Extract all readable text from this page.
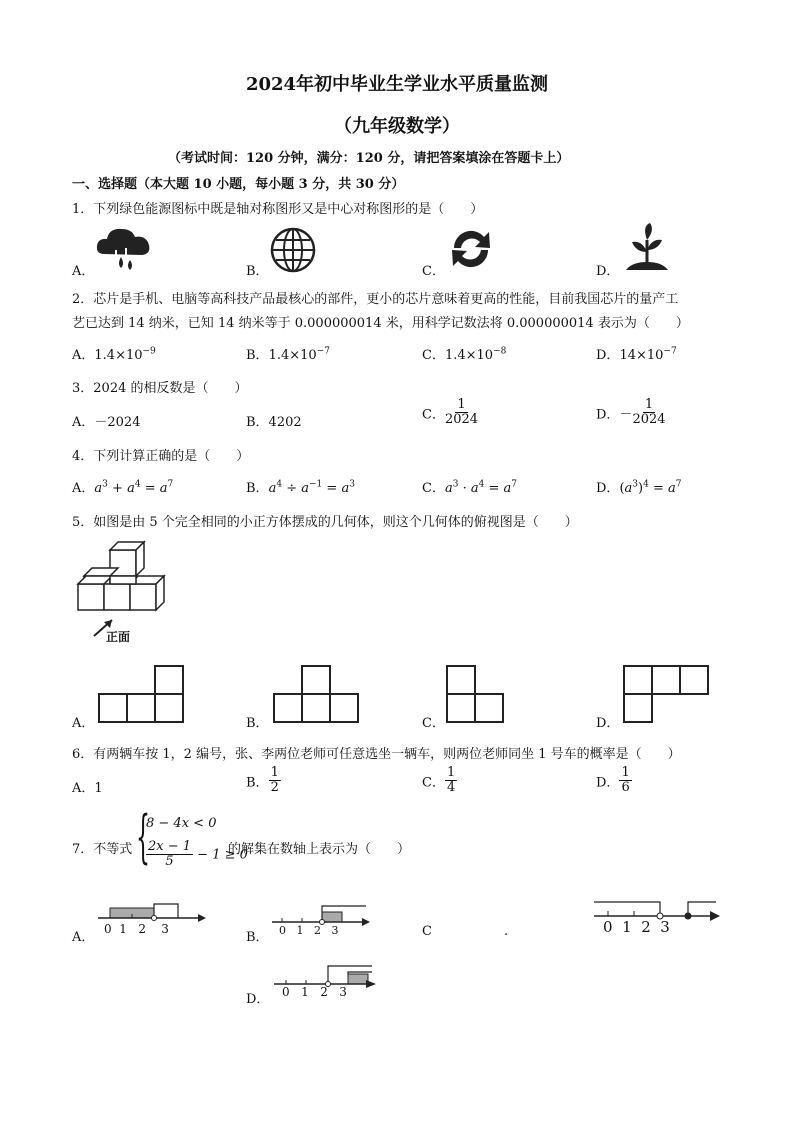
2024年初中毕业生学业水平质量监测
（九年级数学）
（考试时间：120 分钟，满分：120 分，请把答案填涂在答题卡上）
一、选择题（本大题 10 小题，每小题 3 分，共 30 分）
1．下列绿色能源图标中既是轴对称图形又是中心对称图形的是（　　）
A．	B．	C．	D．
2．芯片是手机、电脑等高科技产品最核心的部件，更小的芯片意味着更高的性能，目前我国芯片的量产工
艺已达到 14 纳米，已知 14 纳米等于 0.000000014 米，用科学记数法将 0.000000014 表示为（　　）
A．$1.4\times 10^{-9}$	B．$1.4\times 10^{-7}$	C．$1.4\times 10^{-8}$	D．$14\times 10^{-7}$
3．2024 的相反数是（　　）
A．－2024	B．4202
C． $\frac{1}{2024}$	D．－ $\frac{1}{2024}$
4．下列计算正确的是（　　）
A．$a^3 + a^4 = a^7$	B．$a^4 \div a^{-1} = a^3$	C．$a^3 \cdot a^4 = a^7$	D．$(a^3)^4 = a^7$
5．如图是由 5 个完全相同的小正方体摆成的几何体，则这个几何体的俯视图是（　　）
正面
A．	B．	C．	D．
6．有两辆车按 1，2 编号，张、李两位老师可任意选坐一辆车，则两位老师同坐 1 号车的概率是（　　）
A．1	B． $\frac{1}{2}$	C． $\frac{1}{4}$	D． $\frac{1}{6}$
7．不等式 {
8 − 4x < 0
$\frac{2x - 1}{5} - 1 \ge 0$
的解集在数轴上表示为（　　）
A．
0 1 2 3
B． 0 1 2 3	C	.	0 1 2 3
D． 0 1 2 3
